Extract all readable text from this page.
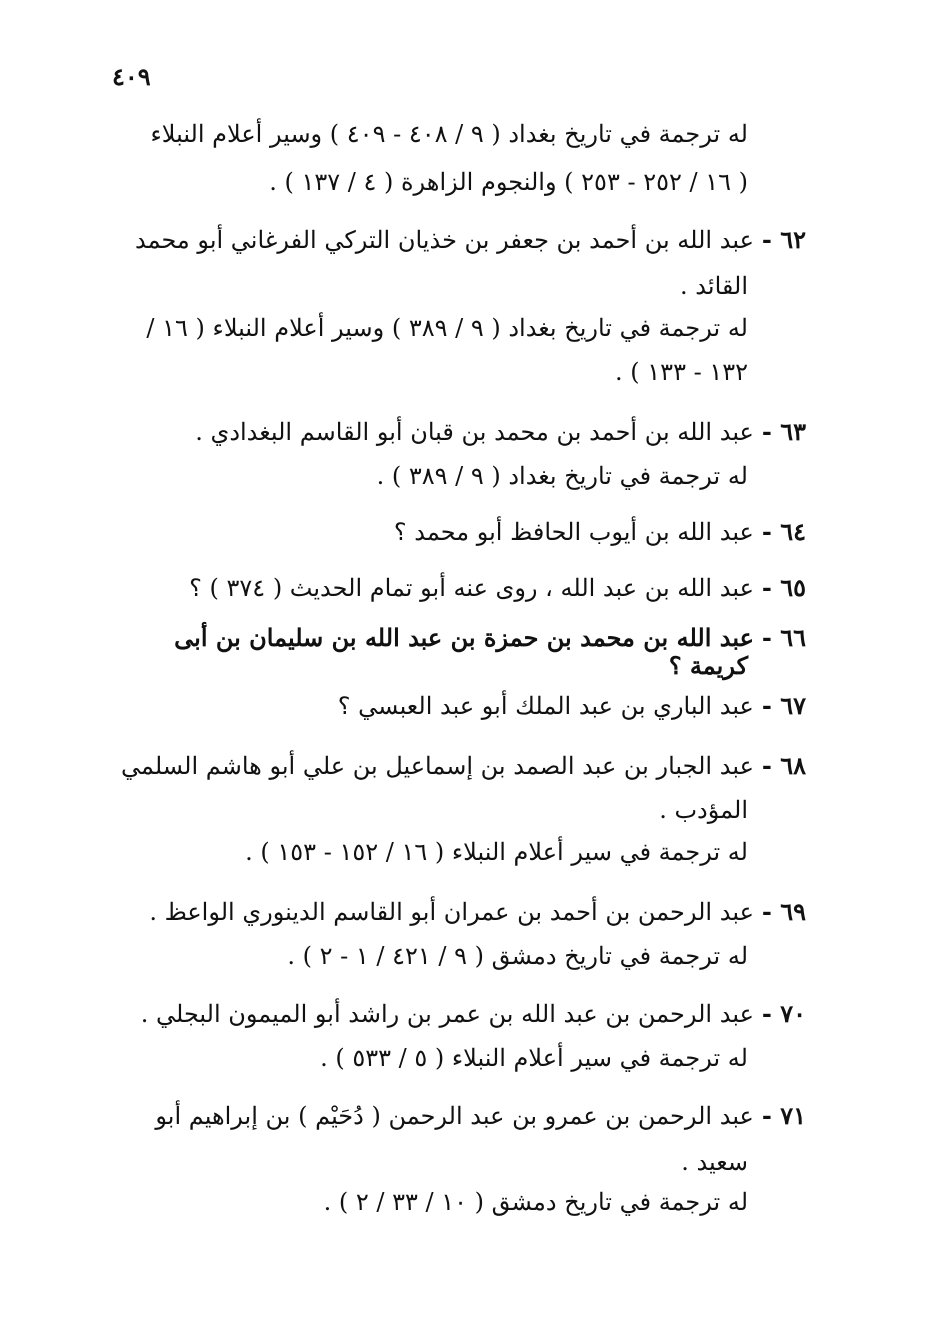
٤٠٩
له ترجمة في تاريخ بغداد ( ٩ / ٤٠٨ - ٤٠٩ ) وسير أعلام النبلاء
( ١٦ / ٢٥٢ - ٢٥٣ ) والنجوم الزاهرة ( ٤ / ١٣٧ ) .
٦٢ -عبد الله بن أحمد بن جعفر بن خذيان التركي الفرغاني أبو محمد
القائد .
له ترجمة في تاريخ بغداد ( ٩ / ٣٨٩ ) وسير أعلام النبلاء ( ١٦ /
١٣٢ - ١٣٣ ) .
٦٣ -عبد الله بن أحمد بن محمد بن قبان أبو القاسم البغدادي .
له ترجمة في تاريخ بغداد ( ٩ / ٣٨٩ ) .
٦٤ -عبد الله بن أيوب الحافظ أبو محمد ؟
٦٥ -عبد الله بن عبد الله ، روى عنه أبو تمام الحديث ( ٣٧٤ ) ؟
٦٦ -عبد الله بن محمد بن حمزة بن عبد الله بن سليمان بن أبى
كريمة ؟
٦٧ -عبد الباري بن عبد الملك أبو عبد العبسي ؟
٦٨ -عبد الجبار بن عبد الصمد بن إسماعيل بن علي أبو هاشم السلمي
المؤدب .
له ترجمة في سير أعلام النبلاء ( ١٦ / ١٥٢ - ١٥٣ ) .
٦٩ -عبد الرحمن بن أحمد بن عمران أبو القاسم الدينوري الواعظ .
له ترجمة في تاريخ دمشق ( ٩ / ٤٢١ / ١ - ٢ ) .
٧٠ -عبد الرحمن بن عبد الله بن عمر بن راشد أبو الميمون البجلي .
له ترجمة في سير أعلام النبلاء ( ٥ / ٥٣٣ ) .
٧١ -عبد الرحمن بن عمرو بن عبد الرحمن ( دُحَيْم ) بن إبراهيم أبو
سعيد .
له ترجمة في تاريخ دمشق ( ١٠ / ٣٣ / ٢ ) .
